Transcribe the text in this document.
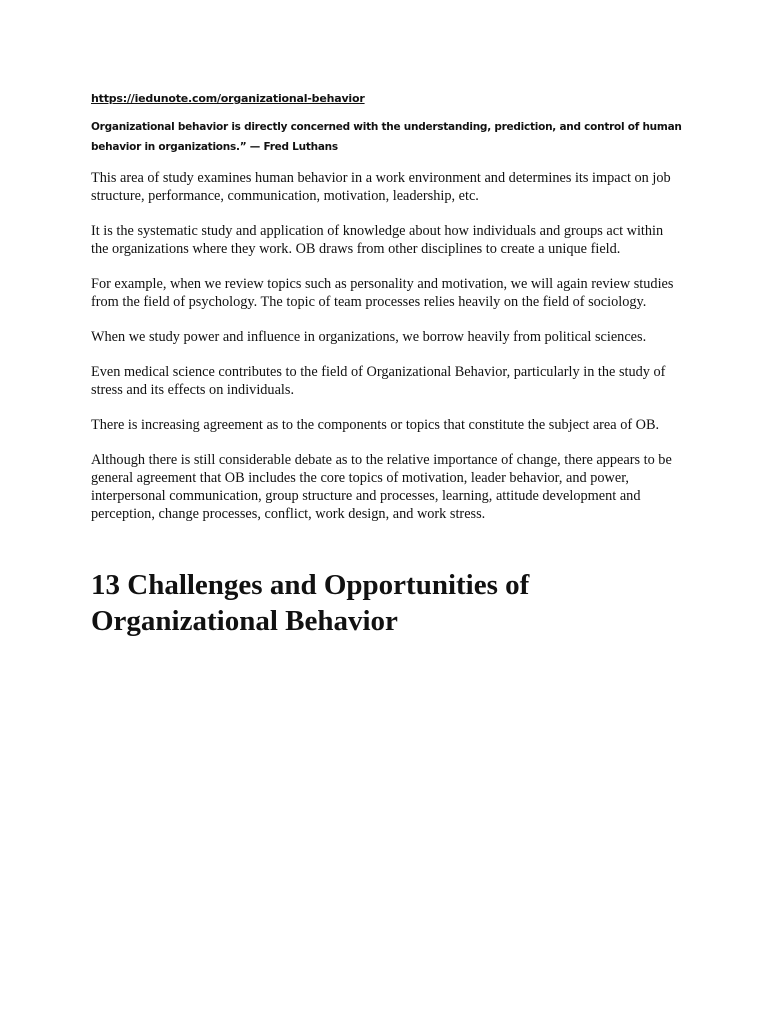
https://iedunote.com/organizational-behavior

Organizational behavior is directly concerned with the understanding, prediction, and control of human behavior in organizations.” — Fred Luthans

This area of study examines human behavior in a work environment and determines its impact on job structure, performance, communication, motivation, leadership, etc.

It is the systematic study and application of knowledge about how individuals and groups act within the organizations where they work. OB draws from other disciplines to create a unique field.

For example, when we review topics such as personality and motivation, we will again review studies from the field of psychology. The topic of team processes relies heavily on the field of sociology.

When we study power and influence in organizations, we borrow heavily from political sciences.

Even medical science contributes to the field of Organizational Behavior, particularly in the study of stress and its effects on individuals.

There is increasing agreement as to the components or topics that constitute the subject area of OB.

Although there is still considerable debate as to the relative importance of change, there appears to be general agreement that OB includes the core topics of motivation, leader behavior, and power, interpersonal communication, group structure and processes, learning, attitude development and perception, change processes, conflict, work design, and work stress.

13 Challenges and Opportunities of Organizational Behavior
